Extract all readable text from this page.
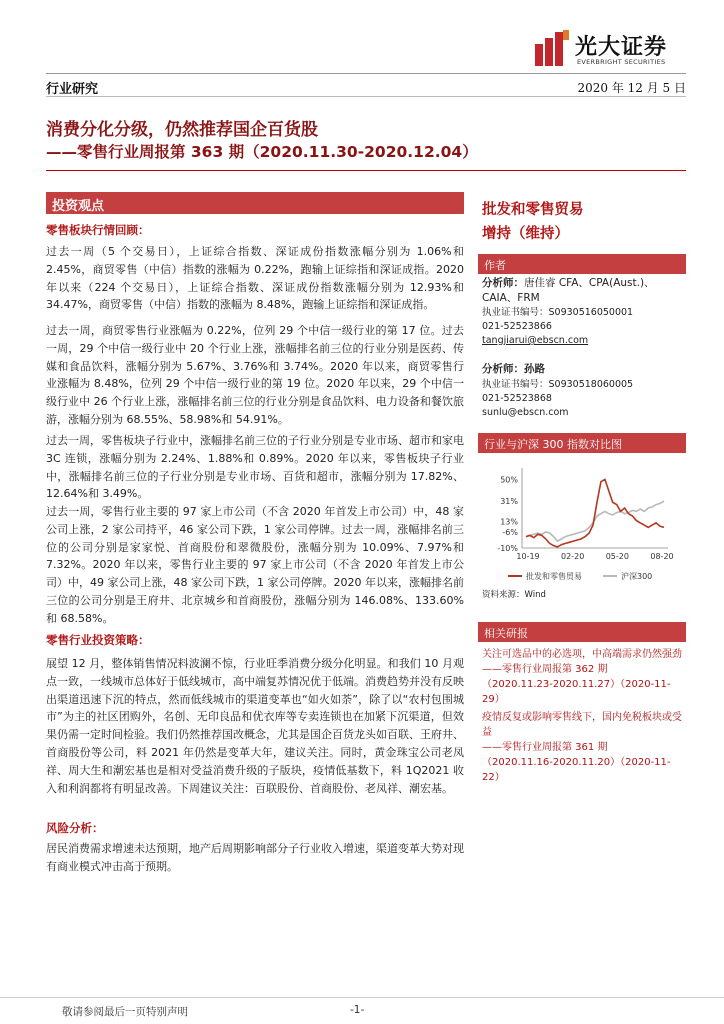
光大证券
EVERBRIGHT SECURITIES
行业研究	2020 年 12 月 5 日
消费分化分级，仍然推荐国企百货股
——零售行业周报第 363 期（2020.11.30-2020.12.04）
投资观点
零售板块行情回顾：
过去一周（5 个交易日），上证综合指数、深证成份指数涨幅分别为 1.06%和 2.45%，商贸零售（中信）指数的涨幅为 0.22%，跑输上证综指和深证成指。2020 年以来（224 个交易日），上证综合指数、深证成份指数涨幅分别为 12.93%和 34.47%，商贸零售（中信）指数的涨幅为 8.48%，跑输上证综指和深证成指。
过去一周，商贸零售行业涨幅为 0.22%，位列 29 个中信一级行业的第 17 位。过去一周，29 个中信一级行业中 20 个行业上涨，涨幅排名前三位的行业分别是医药、传媒和食品饮料，涨幅分别为 5.67%、3.76%和 3.74%。2020 年以来，商贸零售行业涨幅为 8.48%，位列 29 个中信一级行业的第 19 位。2020 年以来，29 个中信一级行业中 26 个行业上涨，涨幅排名前三位的行业分别是食品饮料、电力设备和餐饮旅游，涨幅分别为 68.55%、58.98%和 54.91%。
过去一周，零售板块子行业中，涨幅排名前三位的子行业分别是专业市场、超市和家电 3C 连锁，涨幅分别为 2.24%、1.88%和 0.89%。2020 年以来，零售板块子行业中，涨幅排名前三位的子行业分别是专业市场、百货和超市，涨幅分别为 17.82%、12.64%和 3.49%。
过去一周，零售行业主要的 97 家上市公司（不含 2020 年首发上市公司）中，48 家公司上涨，2 家公司持平，46 家公司下跌，1 家公司停牌。过去一周，涨幅排名前三位的公司分别是家家悦、首商股份和翠微股份，涨幅分别为 10.09%、7.97%和 7.32%。2020 年以来，零售行业主要的 97 家上市公司（不含 2020 年首发上市公司）中，49 家公司上涨，48 家公司下跌，1 家公司停牌。2020 年以来，涨幅排名前三位的公司分别是王府井、北京城乡和首商股份，涨幅分别为 146.08%、133.60%和 68.58%。
零售行业投资策略：
展望 12 月，整体销售情况料波澜不惊，行业旺季消费分级分化明显。和我们 10 月观点一致，一线城市总体好于低线城市，高中端复苏情况优于低端。消费趋势并没有反映出渠道迅速下沉的特点，然而低线城市的渠道变革也“如火如荼”，除了以“农村包围城市”为主的社区团购外，名创、无印良品和优衣库等专卖连锁也在加紧下沉渠道，但效果仍需一定时间检验。我们仍然推荐国改概念，尤其是国企百货龙头如百联、王府井、首商股份等公司，料 2021 年仍然是变革大年，建议关注。同时，黄金珠宝公司老凤祥、周大生和潮宏基也是相对受益消费升级的子版块，疫情低基数下，料 1Q2021 收入和利润都将有明显改善。下周建议关注：百联股份、首商股份、老凤祥、潮宏基。
风险分析：
居民消费需求增速未达预期，地产后周期影响部分子行业收入增速，渠道变革大势对现有商业模式冲击高于预期。
批发和零售贸易
增持（维持）
作者
分析师：唐佳睿 CFA、CPA(Aust.)、CAIA、FRM
执业证书编号：S0930516050001
021-52523866
tangjiarui@ebscn.com
分析师：孙路
执业证书编号：S0930518060005
021-52523868
sunlu@ebscn.com
行业与沪深 300 指数对比图
50%
31%
13%
-6%
-10%
10-19	02-20	05-20	08-20
批发和零售贸易	沪深300
资料来源：Wind
相关研报
关注可选品中的必选项，中高端需求仍然强劲
——零售行业周报第 362 期
（2020.11.23-2020.11.27）（2020-11-29）
疫情反复或影响零售线下，国内免税板块或受益
——零售行业周报第 361 期
（2020.11.16-2020.11.20）（2020-11-22）
敬请参阅最后一页特别声明	-1-
